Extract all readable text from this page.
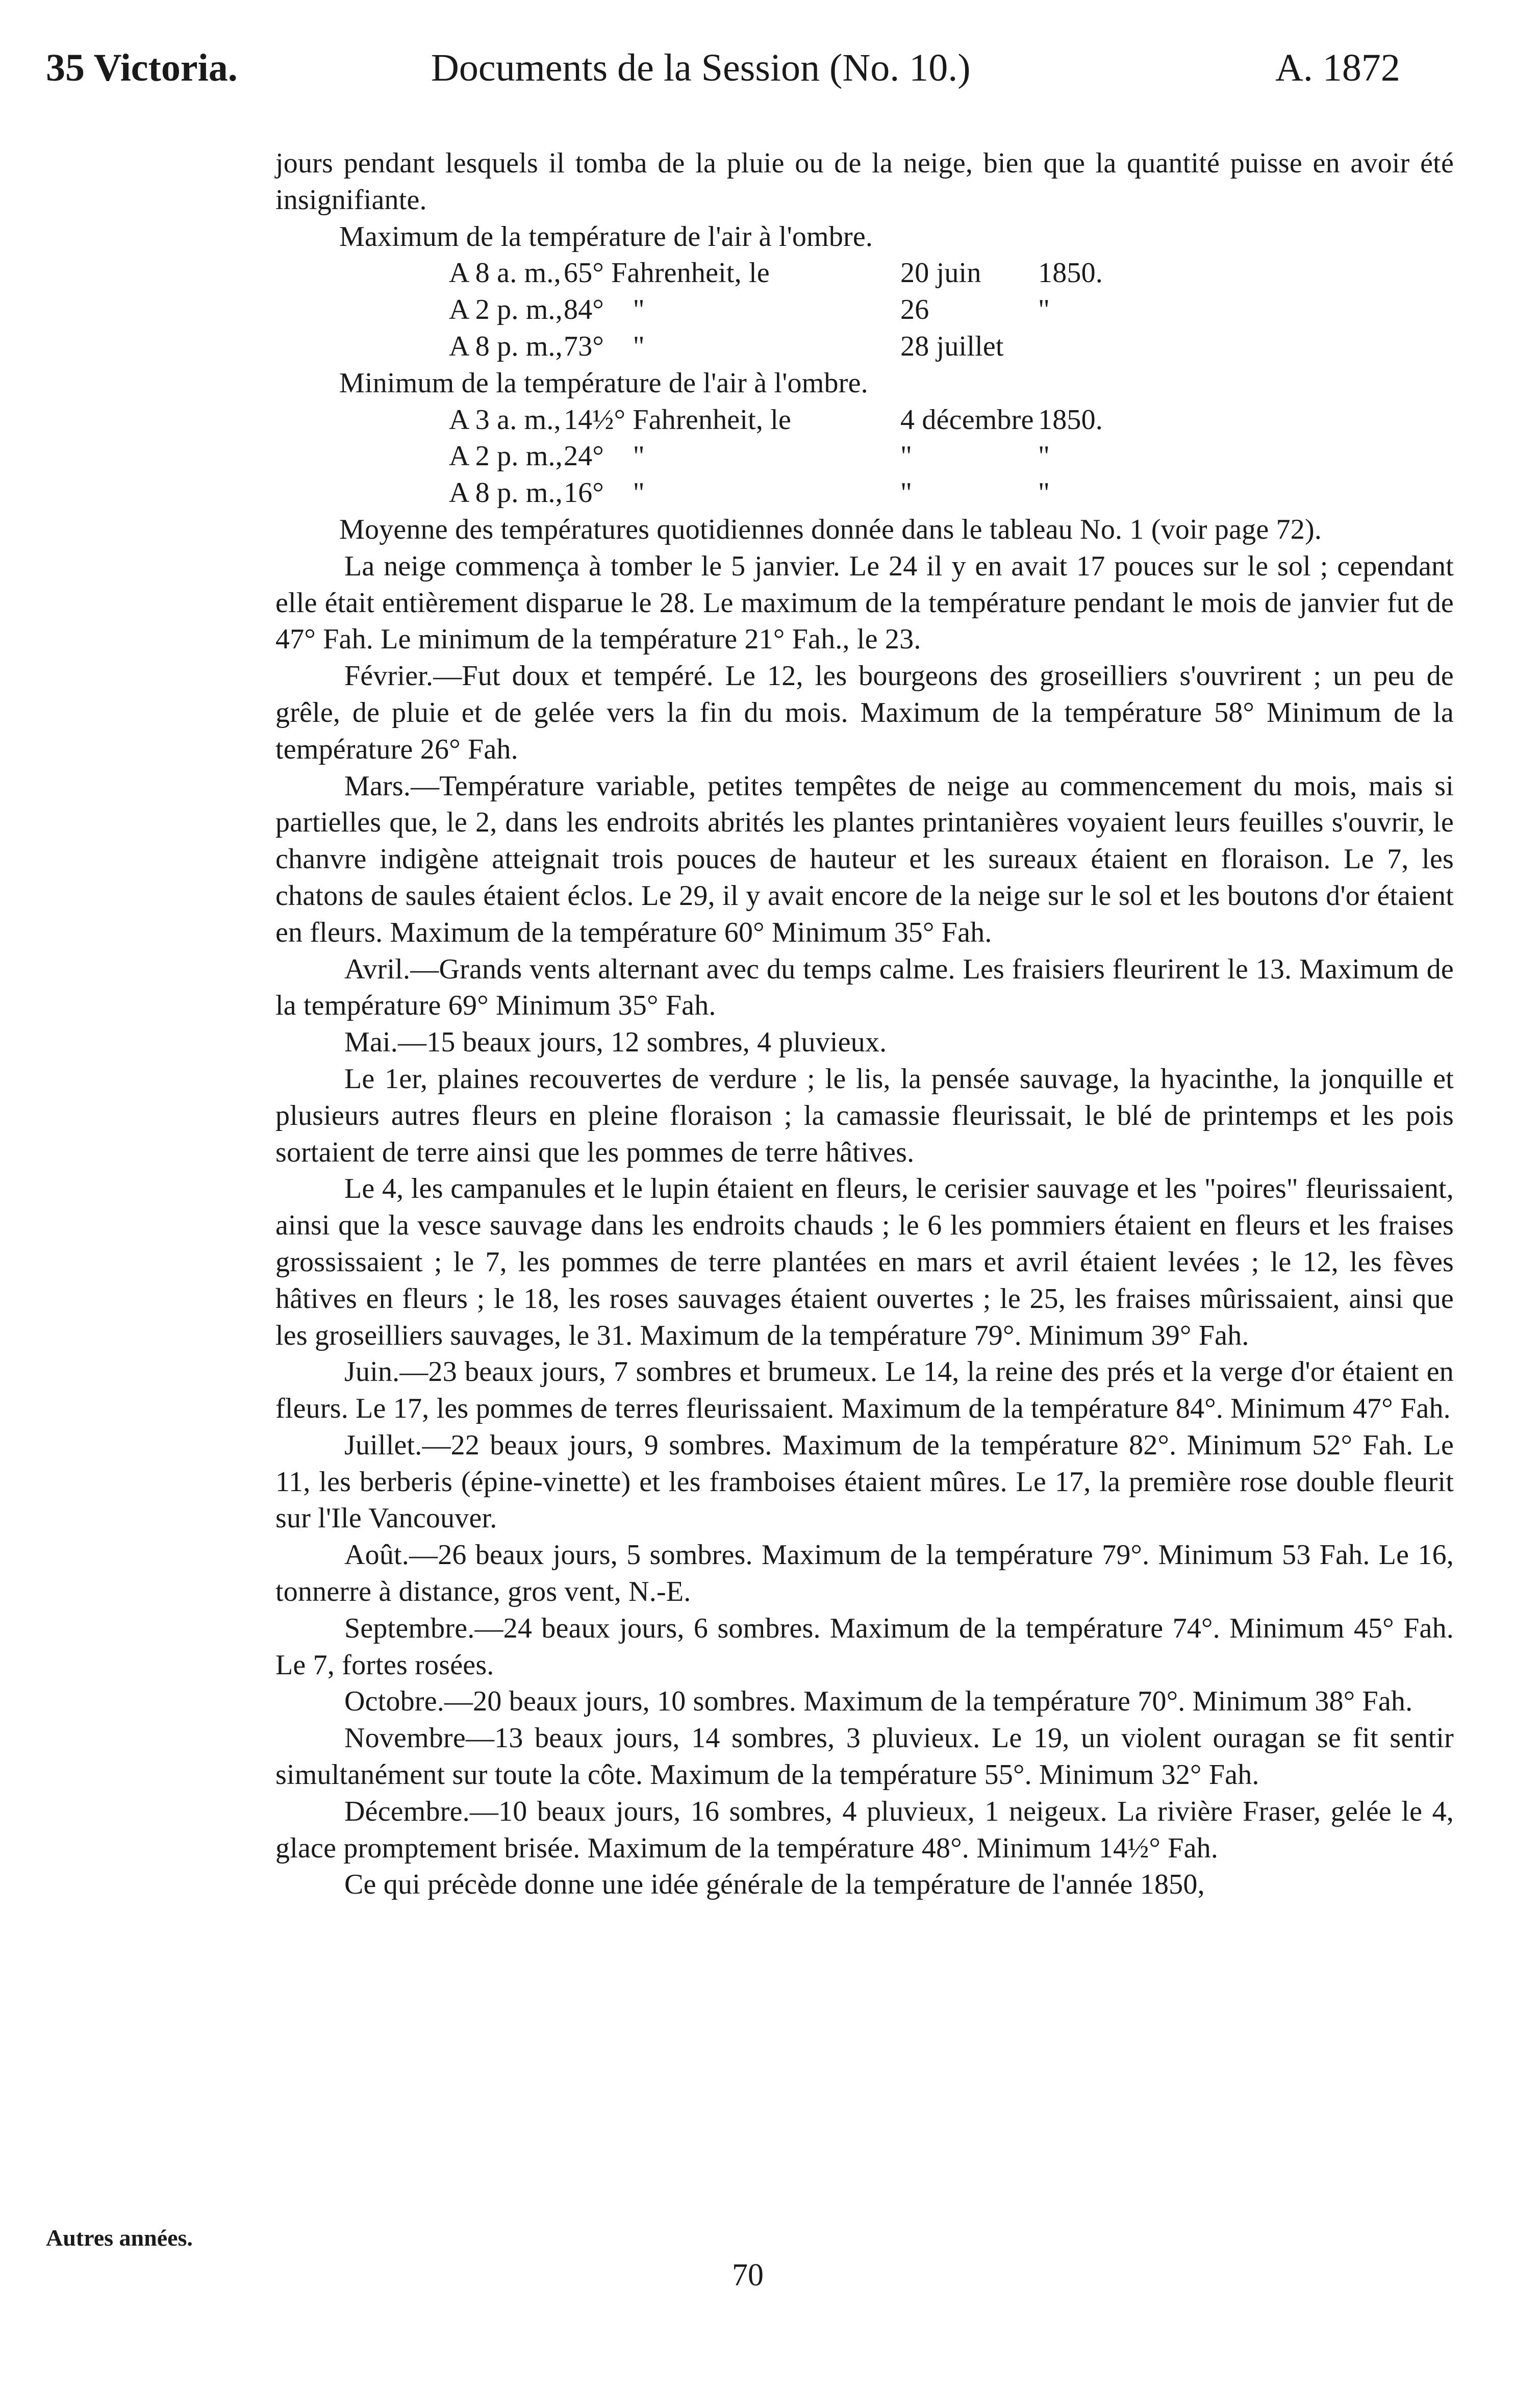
35 Victoria.	Documents de la Session (No. 10.)	A. 1872

jours pendant lesquels il tomba de la pluie ou de la neige, bien que la quantité puisse en avoir été insignifiante.

Maximum de la température de l'air à l'ombre.

A 8 a. m.,65° Fahrenheit, le	20 juin 1850.
A 2 p. m.,84°    "	26	"
A 8 p. m.,73°    "	28 juillet

Minimum de la température de l'air à l'ombre.

A 3 a. m.,14½° Fahrenheit, le	4 décembre 1850.
A 2 p. m.,24°    "	"	"
A 8 p. m.,16°    "	"	"

Moyenne des températures quotidiennes donnée dans le tableau No. 1 (voir page 72).

La neige commença à tomber le 5 janvier. Le 24 il y en avait 17 pouces sur le sol ; cependant elle était entièrement disparue le 28. Le maximum de la température pendant le mois de janvier fut de 47° Fah. Le minimum de la température 21° Fah., le 23.

Février.—Fut doux et tempéré. Le 12, les bourgeons des groseilliers s'ouvrirent ; un peu de grêle, de pluie et de gelée vers la fin du mois. Maximum de la température 58° Minimum de la température 26° Fah.

Mars.—Température variable, petites tempêtes de neige au commencement du mois, mais si partielles que, le 2, dans les endroits abrités les plantes printanières voyaient leurs feuilles s'ouvrir, le chanvre indigène atteignait trois pouces de hauteur et les sureaux étaient en floraison. Le 7, les chatons de saules étaient éclos. Le 29, il y avait encore de la neige sur le sol et les boutons d'or étaient en fleurs. Maximum de la température 60° Minimum 35° Fah.

Avril.—Grands vents alternant avec du temps calme. Les fraisiers fleurirent le 13. Maximum de la température 69° Minimum 35° Fah.

Mai.—15 beaux jours, 12 sombres, 4 pluvieux.

Le 1er, plaines recouvertes de verdure ; le lis, la pensée sauvage, la hyacinthe, la jonquille et plusieurs autres fleurs en pleine floraison ; la camassie fleurissait, le blé de printemps et les pois sortaient de terre ainsi que les pommes de terre hâtives.

Le 4, les campanules et le lupin étaient en fleurs, le cerisier sauvage et les "poires" fleurissaient, ainsi que la vesce sauvage dans les endroits chauds ; le 6 les pommiers étaient en fleurs et les fraises grossissaient ; le 7, les pommes de terre plantées en mars et avril étaient levées ; le 12, les fèves hâtives en fleurs ; le 18, les roses sauvages étaient ouvertes ; le 25, les fraises mûrissaient, ainsi que les groseilliers sauvages, le 31. Maximum de la température 79°. Minimum 39° Fah.

Juin.—23 beaux jours, 7 sombres et brumeux. Le 14, la reine des prés et la verge d'or étaient en fleurs. Le 17, les pommes de terres fleurissaient. Maximum de la température 84°. Minimum 47° Fah.

Juillet.—22 beaux jours, 9 sombres. Maximum de la température 82°. Minimum 52° Fah. Le 11, les berberis (épine-vinette) et les framboises étaient mûres. Le 17, la première rose double fleurit sur l'Ile Vancouver.

Août.—26 beaux jours, 5 sombres. Maximum de la température 79°. Minimum 53 Fah. Le 16, tonnerre à distance, gros vent, N.-E.

Septembre.—24 beaux jours, 6 sombres. Maximum de la température 74°. Minimum 45° Fah. Le 7, fortes rosées.

Octobre.—20 beaux jours, 10 sombres. Maximum de la température 70°. Minimum 38° Fah.

Novembre—13 beaux jours, 14 sombres, 3 pluvieux. Le 19, un violent ouragan se fit sentir simultanément sur toute la côte. Maximum de la température 55°. Minimum 32° Fah.

Décembre.—10 beaux jours, 16 sombres, 4 pluvieux, 1 neigeux. La rivière Fraser, gelée le 4, glace promptement brisée. Maximum de la température 48°. Minimum 14½° Fah.

Ce qui précède donne une idée générale de la température de l'année 1850,

Autres années.
70
